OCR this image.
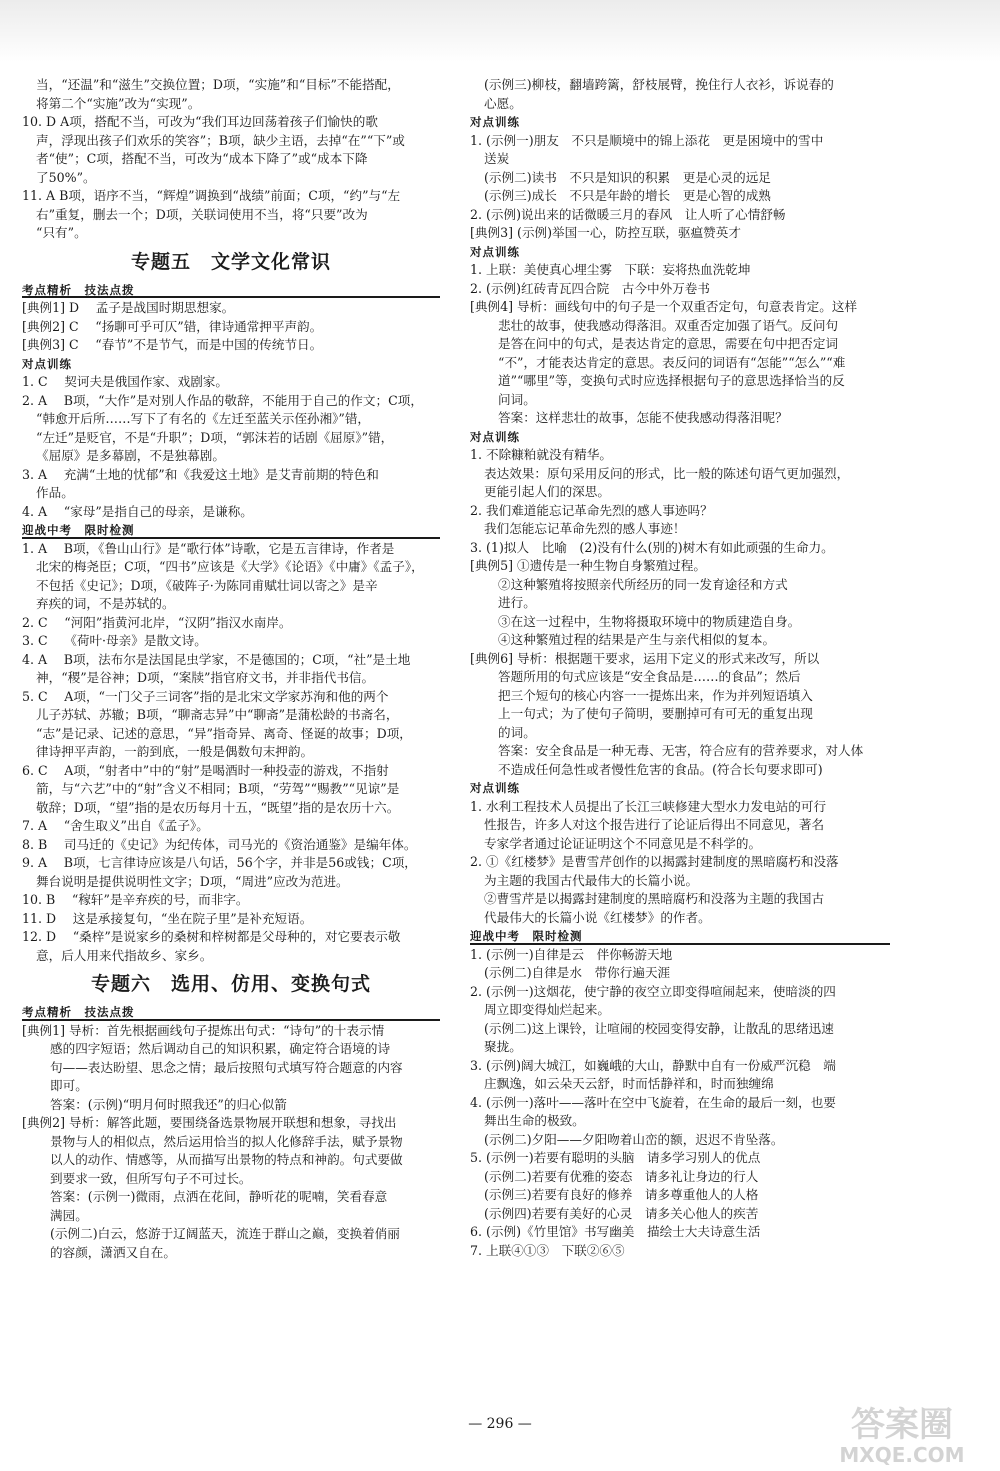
当，“还温”和“滋生”交换位置；D项，“实施”和“目标”不能搭配，
将第二个“实施”改为“实现”。
10. D A项，搭配不当，可改为“我们耳边回荡着孩子们愉快的歌
声，浮现出孩子们欢乐的笑容”；B项，缺少主语，去掉“在”“下”或
者“使”；C项，搭配不当，可改为“成本下降了”或“成本下降
了50%”。
11. A B项，语序不当，“辉煌”调换到“战绩”前面；C项，“约”与“左
右”重复，删去一个；D项，关联词使用不当，将“只要”改为
“只有”。
专题五　文学文化常识
考点精析　技法点拨
[典例1] D　 孟子是战国时期思想家。
[典例2] C　 “扬聊可乎可仄”错，律诗通常押平声韵。
[典例3] C　 “春节”不是节气，而是中国的传统节日。
对点训练
1. C　 契诃夫是俄国作家、戏剧家。
2. A　 B项，“大作”是对别人作品的敬辞，不能用于自己的作文；C项，
“韩愈开后所……写下了有名的《左迁至蓝关示侄孙湘》”错，
“左迁”是贬官，不是“升职”；D项，“郭沫若的话剧《屈原》”错，
《屈原》是多幕剧，不是独幕剧。
3. A　 充满“土地的忧郁”和《我爱这土地》是艾青前期的特色和
作品。
4. A　 “家母”是指自己的母亲，是谦称。
迎战中考　限时检测
1. A　 B项，《鲁山山行》是“歌行体”诗歌，它是五言律诗，作者是
北宋的梅尧臣；C项，“四书”应该是《大学》《论语》《中庸》《孟子》，
不包括《史记》；D项，《破阵子·为陈同甫赋壮词以寄之》是辛
弃疾的词，不是苏轼的。
2. C　 “河阳”指黄河北岸，“汉阴”指汉水南岸。
3. C　 《荷叶·母亲》是散文诗。
4. A　 B项，法布尔是法国昆虫学家，不是德国的；C项，“社”是土地
神，“稷”是谷神；D项，“案牍”指官府文书，并非指代书信。
5. C　 A项，“一门父子三词客”指的是北宋文学家苏洵和他的两个
儿子苏轼、苏辙；B项，“聊斋志异”中“聊斋”是蒲松龄的书斋名，
“志”是记录、记述的意思，“异”指奇异、离奇、怪诞的故事；D项，
律诗押平声韵，一韵到底，一般是偶数句末押韵。
6. C　 A项，“射者中”中的“射”是喝酒时一种投壶的游戏，不指射
箭，与“六艺”中的“射”含义不相同；B项，“劳驾”“赐教”“见谅”是
敬辞；D项，“望”指的是农历每月十五，“既望”指的是农历十六。
7. A　 “舍生取义”出自《孟子》。
8. B　 司马迁的《史记》为纪传体，司马光的《资治通鉴》是编年体。
9. A　 B项，七言律诗应该是八句话，56个字，并非是56或钱；C项，
舞台说明是提供说明性文字；D项，“周进”应改为范进。
10. B　 “稼轩”是辛弃疾的号，而非字。
11. D　 这是承接复句，“坐在院子里”是补充短语。
12. D　 “桑梓”是说家乡的桑树和梓树都是父母种的，对它要表示敬
意，后人用来代指故乡、家乡。
专题六　选用、仿用、变换句式
考点精析　技法点拨
[典例1] 导析：首先根据画线句子提炼出句式：“诗句”的十表示情
感的四字短语；然后调动自己的知识积累，确定符合语境的诗
句——表达盼望、思念之情；最后按照句式填写符合题意的内容
即可。
答案：(示例)“明月何时照我还”的归心似箭
[典例2] 导析：解答此题，要围绕备选景物展开联想和想象，寻找出
景物与人的相似点，然后运用恰当的拟人化修辞手法，赋予景物
以人的动作、情感等，从而描写出景物的特点和神韵。句式要做
到要求一致，但所写句子不可过长。
答案：(示例一)微雨，点洒在花间，静听花的呢喃，笑看春意
满园。
(示例二)白云，悠游于辽阔蓝天，流连于群山之巅，变换着俏丽
的容颜，潇洒又自在。
(示例三)柳枝，翻墙跨篱，舒枝展臂，挽住行人衣衫，诉说春的
心愿。
对点训练
1. (示例一)朋友　不只是顺境中的锦上添花　更是困境中的雪中
送炭
(示例二)读书　不只是知识的积累　更是心灵的远足
(示例三)成长　不只是年龄的增长　更是心智的成熟
2. (示例)说出来的话微暖三月的春风　让人听了心情舒畅
[典例3] (示例)举国一心，防控互联，驱瘟赞英才
对点训练
1. 上联：美使真心埋尘雾　下联：妄将热血洗乾坤
2. (示例)红砖青瓦四合院　古今中外万卷书
[典例4] 导析：画线句中的句子是一个双重否定句，句意表肯定。这样
悲壮的故事，使我感动得落泪。双重否定加强了语气。反问句
是答在问中的句式，是表达肯定的意思，需要在句中把否定词
“不”，才能表达肯定的意思。表反问的词语有“怎能”“怎么”“难
道”“哪里”等，变换句式时应选择根据句子的意思选择恰当的反
问词。
答案：这样悲壮的故事，怎能不使我感动得落泪呢？
对点训练
1. 不除糠粕就没有精华。
表达效果：原句采用反问的形式，比一般的陈述句语气更加强烈，
更能引起人们的深思。
2. 我们难道能忘记革命先烈的感人事迹吗？
我们怎能忘记革命先烈的感人事迹！
3. (1)拟人　比喻　(2)没有什么(别的)树木有如此顽强的生命力。
[典例5] ①遗传是一种生物自身繁殖过程。
②这种繁殖将按照亲代所经历的同一发育途径和方式
进行。
③在这一过程中，生物将摄取环境中的物质建造自身。
④这种繁殖过程的结果是产生与亲代相似的复本。
[典例6] 导析：根据题干要求，运用下定义的形式来改写，所以
答题所用的句式应该是“安全食品是……的食品”；然后
把三个短句的核心内容一一提炼出来，作为并列短语填入
上一句式；为了使句子简明，要删掉可有可无的重复出现
的词。
答案：安全食品是一种无毒、无害，符合应有的营养要求，对人体
不造成任何急性或者慢性危害的食品。(符合长句要求即可)
对点训练
1. 水利工程技术人员提出了长江三峡修建大型水力发电站的可行
性报告，许多人对这个报告进行了论证后得出不同意见，著名
专家学者通过论证证明这个不同意见是不科学的。
2. ①《红楼梦》是曹雪芹创作的以揭露封建制度的黑暗腐朽和没落
为主题的我国古代最伟大的长篇小说。
②曹雪芹是以揭露封建制度的黑暗腐朽和没落为主题的我国古
代最伟大的长篇小说《红楼梦》的作者。
迎战中考　限时检测
1. (示例一)自律是云　伴你畅游天地
(示例二)自律是水　带你行遍天涯
2. (示例一)这烟花，使宁静的夜空立即变得喧闹起来，使暗淡的四
周立即变得灿烂起来。
(示例二)这上课铃，让喧闹的校园变得安静，让散乱的思绪迅速
聚拢。
3. (示例)阔大城江，如巍峨的大山，静默中自有一份威严沉稳　端
庄飘逸，如云朵天云舒，时而恬静祥和，时而独缠绵
4. (示例一)落叶——落叶在空中飞旋着，在生命的最后一刻，也要
舞出生命的极致。
(示例二)夕阳——夕阳吻着山峦的额，迟迟不肯坠落。
5. (示例一)若要有聪明的头脑　请多学习别人的优点
(示例二)若要有优雅的姿态　请多礼让身边的行人
(示例三)若要有良好的修养　请多尊重他人的人格
(示例四)若要有美好的心灵　请多关心他人的疾苦
6. (示例)《竹里馆》书写幽美　描绘士大夫诗意生活
7. 上联④①③　下联②⑥⑤
— 296 —	答案圈
MXQE.COM
